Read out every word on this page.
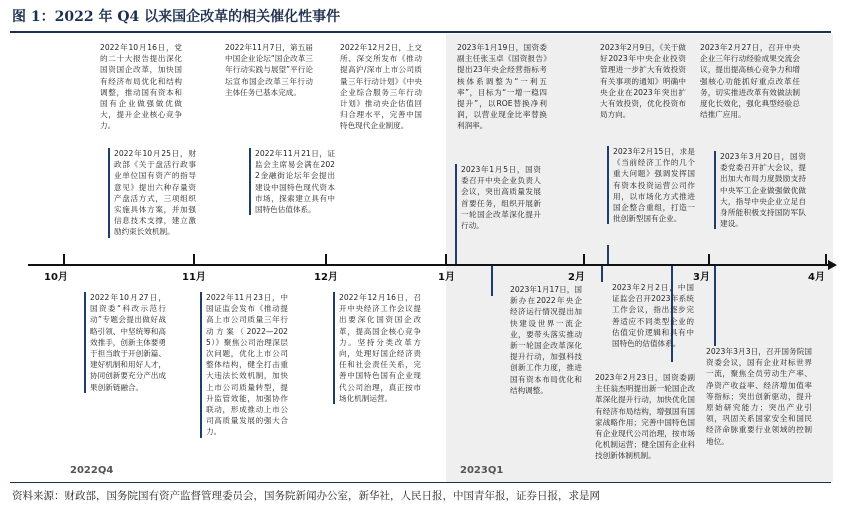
图 1：2022 年 Q4 以来国企改革的相关催化性事件
10月	11月	12月	1月	2月	3月	4月
2022年10月16日，党的二十大报告提出深化国资国企改革，加快国有经济布局优化和结构调整，推动国有资本和国有企业做强做优做大，提升企业核心竞争力。
2022年10月25日，财政部《关于盘活行政事业单位国有资产的指导意见》提出六种存量资产盘活方式，三项组织实施具体方案，并加强信息技术支撑，建立激励约束长效机制。
2022年11月7日，第五届中国企业论坛“国企改革三年行动实践与展望”平行论坛宣布国企改革三年行动主体任务已基本完成。
2022年11月21日，证监会主席易会满在2022金融街论坛年会提出建设中国特色现代资本市场，探索建立具有中国特色估值体系。
2022年12月2日，上交所、深交所发布《推动提高沪/深市上市公司质量三年行动计划》《中央企业综合服务三年行动计划》推动央企估值回归合理水平，完善中国特色现代企业制度。
2023年1月19日，国资委副主任张玉卓《国资报告》提出23年央企经营指标考核体系调整为“一利五率”，目标为“一增一稳四提升”，以ROE替换净利润，以营业现金比率替换利润率。
2023年1月5日，国资委召开中央企业负责人会议，突出高质量发展首要任务，组织开展新一轮国企改革深化提升行动。
2023年2月9日，《关于做好2023年中央企业投资管理进一步扩大有效投资有关事项的通知》明确中央企业在2023年突出扩大有效投资，优化投资布局方向。
2023年2月15日，求是《当前经济工作的几个重大问题》强调发挥国有资本投资运营公司作用，以市场化方式推进国企整合重组，打造一批创新型国有企业。
2023年2月27日，召开中央企业三年行动经验成果交流会议，提出提高核心竞争力和增强核心功能抓好重点改革任务，切实推进改革有效做法制度化长效化，强化典型经验总结推广应用。
2023年3月20日，国资委党委召开扩大会议，提出加大布局力度鼓励支持中央军工企业做强做优做大，指导中央企业立足自身所能积极支持国防军队建设。
2022年10月27日，国资委“科改示范行动”专题会提出做好战略引领、中坚统筹和高效推手，创新主体要勇于担当敢于开创新篇、建好机制和用好人才，协同创新要充分产出成果创新链融合。
2022年11月23日，中国证监会发布《推动提高上市公司质量三年行动方案（2022—2025）》聚焦公司治理深层次问题，优化上市公司整体结构，健全打击重大违法长效机制，加快上市公司质量转型，提升监管效能，加强协作联动，形成推动上市公司高质量发展的强大合力。
2022年12月16日，召开中央经济工作会议提出要深化国资国企改革，提高国企核心竞争力。坚持分类改革方向，处理好国企经济责任和社会责任关系，完善中国特色国有企业现代公司治理，真正按市场化机制运营。
2023年1月17日，国新办在2022年央企经济运行情况提出加快建设世界一流企业，要带头落实推动新一轮国企改革深化提升行动，加强科技创新工作力度，推进国有资本布局优化和结构调整。
2023年2月2日，中国证监会召开2023年系统工作会议，指出逐步完善适应不同类型企业的估值定价逻辑和具有中国特色的估值体系。
2023年2月23日，国资委副主任翁杰明提出新一轮国企改革深化提升行动，加快优化国有经济布局结构，增强国有国家战略作用；完善中国特色国有企业现代公司治理，按市场化机制运营；健全国有企业科技创新体制机制。
2023年3月3日，召开国务院国资委会议，国有企业对标世界一流，聚焦全员劳动生产率、净资产收益率、经济增加值率等指标；突出创新驱动，提升原始研究能力；突出产业引领，巩固关系国家安全和国民经济命脉重要行业领域的控制地位。
2022Q4	2023Q1
资料来源：财政部，国务院国有资产监督管理委员会，国务院新闻办公室，新华社，人民日报，中国青年报，证券日报，求是网
